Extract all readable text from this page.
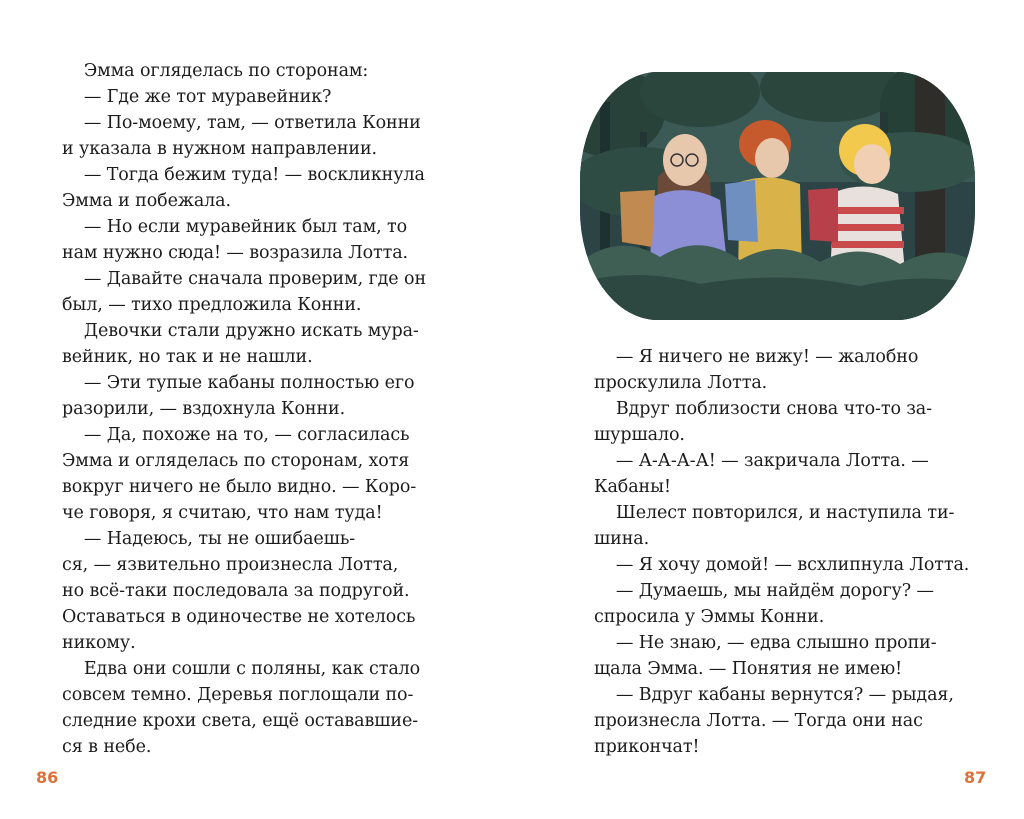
Эмма огляделась по сторонам:
— Где же тот муравейник?
— По-моему, там, — ответила Конни
и указала в нужном направлении.
— Тогда бежим туда! — воскликнула
Эмма и побежала.
— Но если муравейник был там, то
нам нужно сюда! — возразила Лотта.
— Давайте сначала проверим, где он
был, — тихо предложила Конни.
Девочки стали дружно искать мура-
вейник, но так и не нашли.
— Эти тупые кабаны полностью его
разорили, — вздохнула Конни.
— Да, похоже на то, — согласилась
Эмма и огляделась по сторонам, хотя
вокруг ничего не было видно. — Коро-
че говоря, я считаю, что нам туда!
— Надеюсь, ты не ошибаешь-
ся, — язвительно произнесла Лотта,
но всё-таки последовала за подругой.
Оставаться в одиночестве не хотелось
никому.
Едва они сошли с поляны, как стало
совсем темно. Деревья поглощали по-
следние крохи света, ещё остававшие-
ся в небе.
86
— Я ничего не вижу! — жалобно
проскулила Лотта.
Вдруг поблизости снова что-то за-
шуршало.
— А-А-А-А! — закричала Лотта. —
Кабаны!
Шелест повторился, и наступила ти-
шина.
— Я хочу домой! — всхлипнула Лотта.
— Думаешь, мы найдём дорогу? —
спросила у Эммы Конни.
— Не знаю, — едва слышно пропи-
щала Эмма. — Понятия не имею!
— Вдруг кабаны вернутся? — рыдая,
произнесла Лотта. — Тогда они нас
прикончат!
87
